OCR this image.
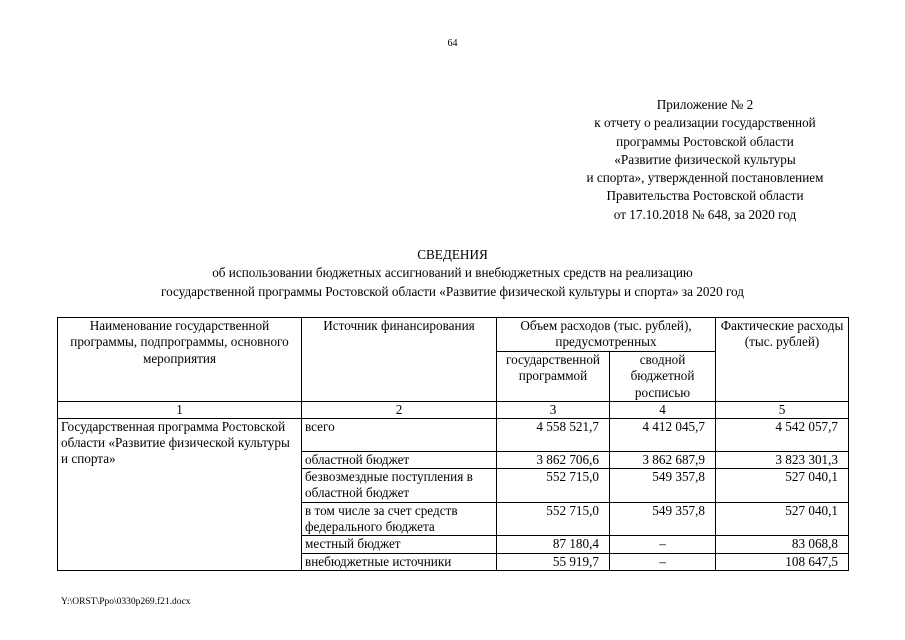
64
Приложение № 2
к отчету о реализации государственной
программы Ростовской области
«Развитие физической культуры
и спорта», утвержденной постановлением
Правительства Ростовской области
от 17.10.2018 № 648, за 2020 год
СВЕДЕНИЯ
об использовании бюджетных ассигнований и внебюджетных средств на реализацию
государственной программы Ростовской области «Развитие физической культуры и спорта» за 2020 год
Наименование государственной программы, подпрограммы, основного мероприятия	Источник финансирования	Объем расходов (тыс. рублей), предусмотренных		Фактические расходы (тыс. рублей)
		государственной программой	сводной бюджетной росписью	
1	2	3	4	5
Государственная программа Ростовской области «Развитие физической культуры и спорта»	всего	4 558 521,7	4 412 045,7	4 542 057,7
	областной бюджет	3 862 706,6	3 862 687,9	3 823 301,3
	безвозмездные поступления в областной бюджет	552 715,0	549 357,8	527 040,1
	в том числе за счет средств федерального бюджета	552 715,0	549 357,8	527 040,1
	местный бюджет	87 180,4	–	83 068,8
	внебюджетные источники	55 919,7	–	108 647,5
Y:\ORST\Ppo\0330p269.f21.docx
